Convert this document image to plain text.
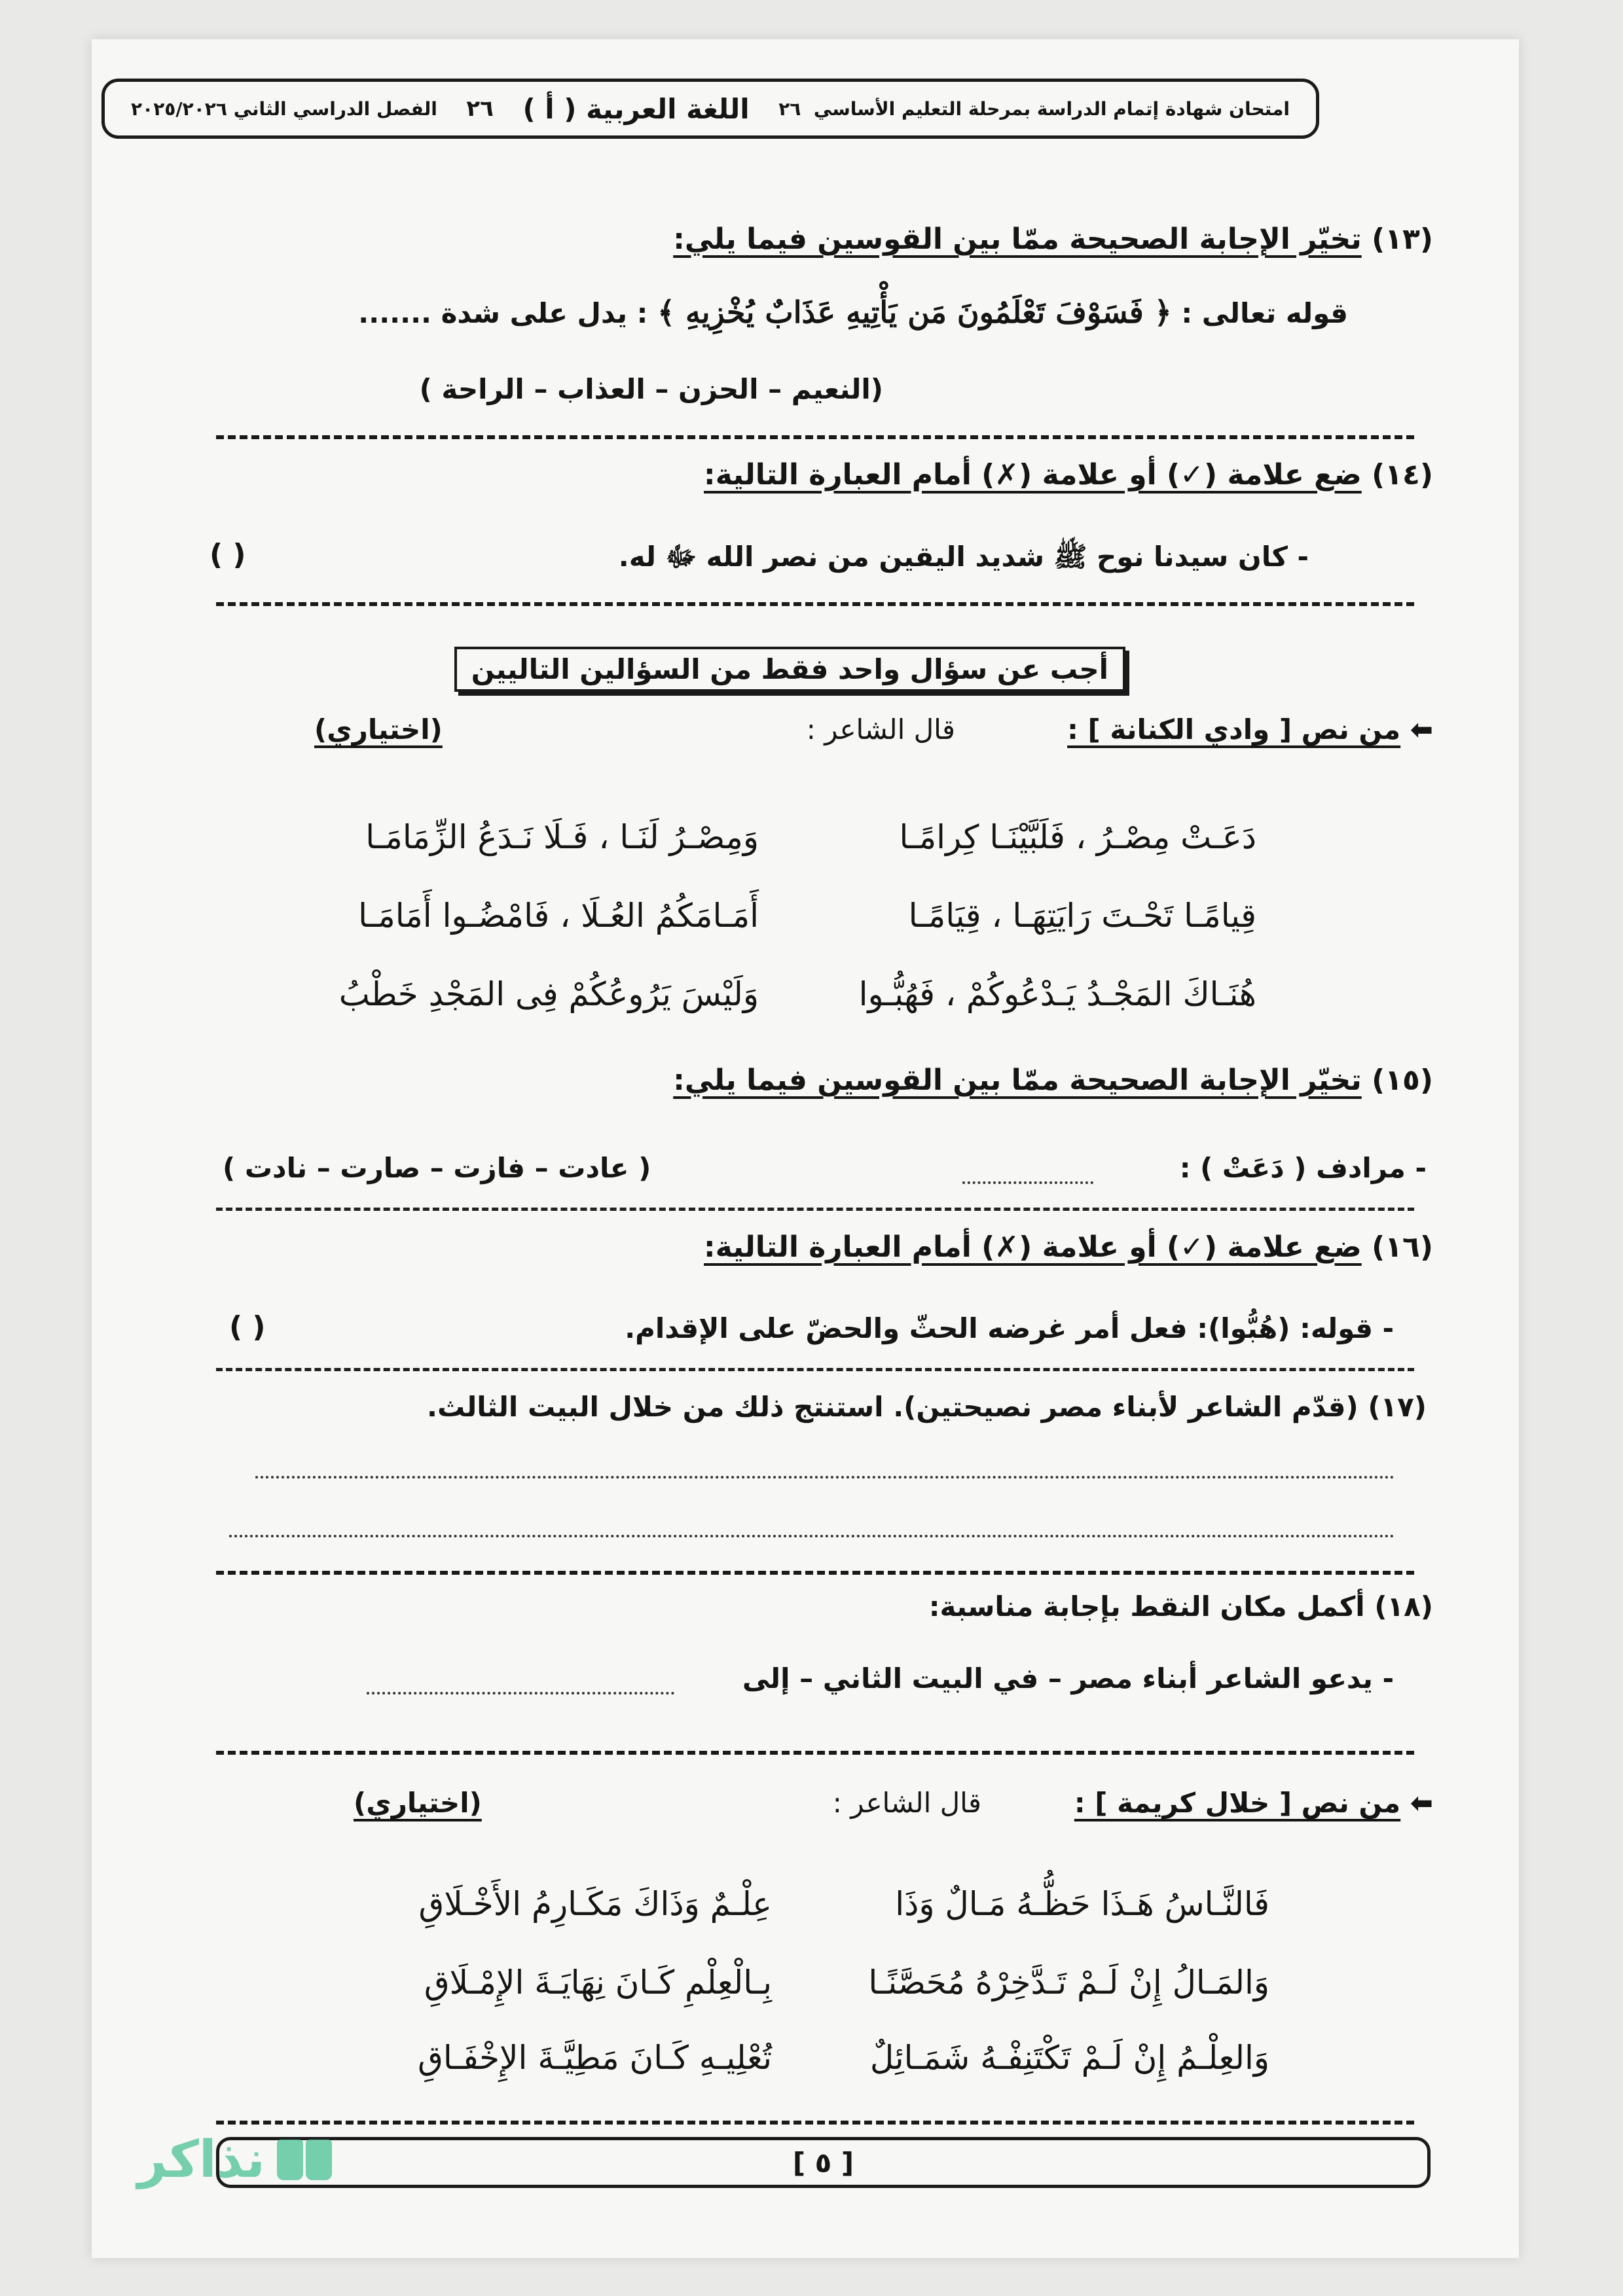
امتحان شهادة إتمام الدراسة بمرحلة التعليم الأساسي  ٢٦
اللغة العربية ( أ )
٢٦
الفصل الدراسي الثاني ٢٠٢٥/٢٠٢٦
(١٣) تخيّر الإجابة الصحيحة ممّا بين القوسين فيما يلي:
قوله تعالى : ﴿ فَسَوْفَ تَعْلَمُونَ مَن يَأْتِيهِ عَذَابٌ يُخْزِيهِ ﴾ : يدل على شدة .......
(النعيم – الحزن – العذاب – الراحة )
(١٤) ضع علامة (✓) أو علامة (✗) أمام العبارة التالية:
- كان سيدنا نوح ﷺ شديد اليقين من نصر الله ﷻ له.
( )
أجب عن سؤال واحد فقط من السؤالين التاليين
⬅ من نص [ وادي الكنانة ] :
قال الشاعر :
(اختياري)
دَعَـتْ مِصْـرُ ، فَلَبَّيْنَـا كِرامًـا
وَمِصْـرُ لَنَـا ، فَـلَا نَـدَعُ الزِّمَامَـا
قِيامًـا تَحْـتَ رَايَتِهَـا ، قِيَامًـا
أَمَـامَكُمُ العُـلَا ، فَامْضُـوا أَمَامَـا
هُنَـاكَ المَجْـدُ يَـدْعُوكُمْ ، فَهُبُّـوا
وَلَيْسَ يَرُوعُكُمْ فِى المَجْدِ خَطْبُ
(١٥) تخيّر الإجابة الصحيحة ممّا بين القوسين فيما يلي:
- مرادف ( دَعَتْ ) :
( عادت – فازت – صارت – نادت )
(١٦) ضع علامة (✓) أو علامة (✗) أمام العبارة التالية:
- قوله: (هُبُّوا): فعل أمر غرضه الحثّ والحضّ على الإقدام.
( )
(١٧) (قدّم الشاعر لأبناء مصر نصيحتين). استنتج ذلك من خلال البيت الثالث.
(١٨) أكمل مكان النقط بإجابة مناسبة:
- يدعو الشاعر أبناء مصر – في البيت الثاني – إلى
⬅ من نص [ خلال كريمة ] :
قال الشاعر :
(اختياري)
فَالنَّـاسُ هَـذَا حَظُّـهُ مَـالٌ وَذَا
عِلْـمٌ وَذَاكَ مَكَـارِمُ الأَخْـلَاقِ
وَالمَـالُ إِنْ لَـمْ تَـدَّخِرْهُ مُحَصَّنًـا
بِـالْعِلْمِ كَـانَ نِهَايَـةَ الإِمْـلَاقِ
وَالعِلْـمُ إِنْ لَـمْ تَكْتَنِفْـهُ شَمَـائِلٌ
تُعْلِيـهِ كَـانَ مَطِيَّـةَ الإِخْفَـاقِ
[ ٥ ]
نذاكر
